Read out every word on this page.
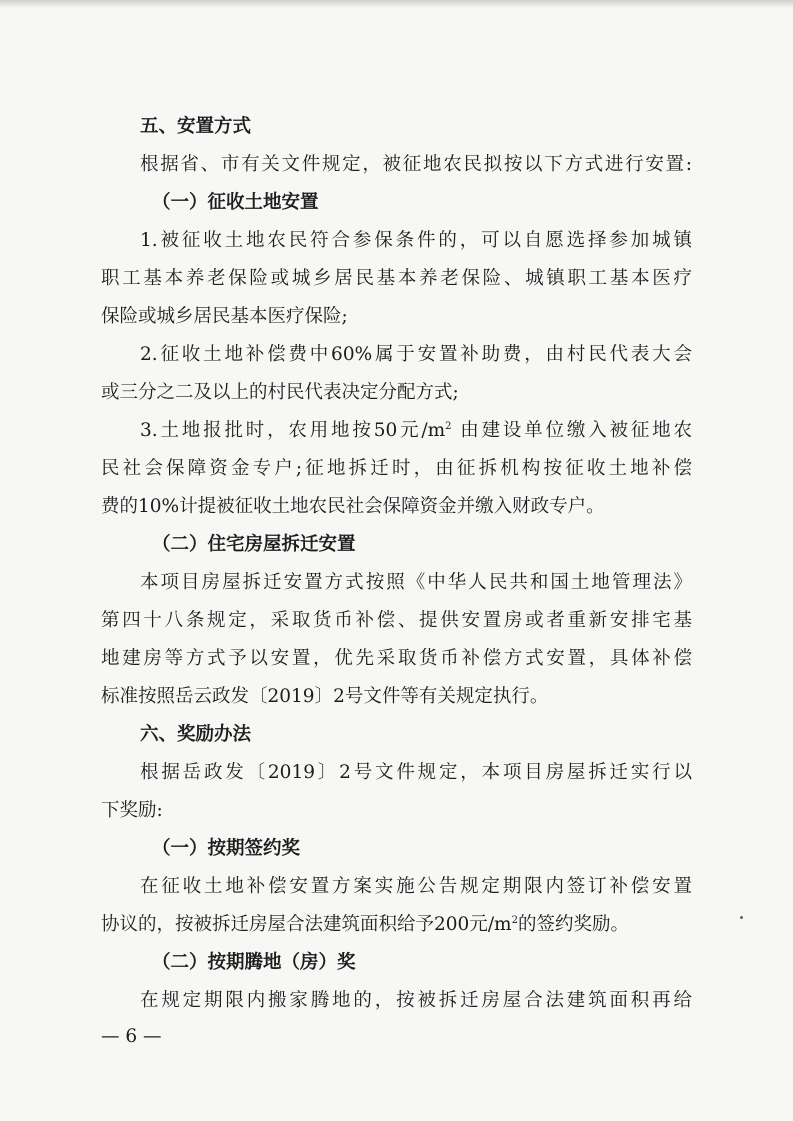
五、安置方式
根据省、市有关文件规定，被征地农民拟按以下方式进行安置:
（一）征收土地安置
1.被征收土地农民符合参保条件的，可以自愿选择参加城镇
职工基本养老保险或城乡居民基本养老保险、城镇职工基本医疗
保险或城乡居民基本医疗保险;
2.征收土地补偿费中60%属于安置补助费，由村民代表大会
或三分之二及以上的村民代表决定分配方式;
3.土地报批时，农用地按50元$/m^2$ 由建设单位缴入被征地农
民社会保障资金专户;征地拆迁时，由征拆机构按征收土地补偿
费的10%计提被征收土地农民社会保障资金并缴入财政专户。
（二）住宅房屋拆迁安置
本项目房屋拆迁安置方式按照《中华人民共和国土地管理法》
第四十八条规定，采取货币补偿、提供安置房或者重新安排宅基
地建房等方式予以安置，优先采取货币补偿方式安置，具体补偿
标准按照岳云政发〔2019〕2号文件等有关规定执行。
六、奖励办法
根据岳政发〔2019〕2号文件规定，本项目房屋拆迁实行以
下奖励:
（一）按期签约奖
在征收土地补偿安置方案实施公告规定期限内签订补偿安置
协议的，按被拆迁房屋合法建筑面积给予200元$/m^2$的签约奖励。
（二）按期腾地（房）奖
在规定期限内搬家腾地的，按被拆迁房屋合法建筑面积再给
— 6 —
